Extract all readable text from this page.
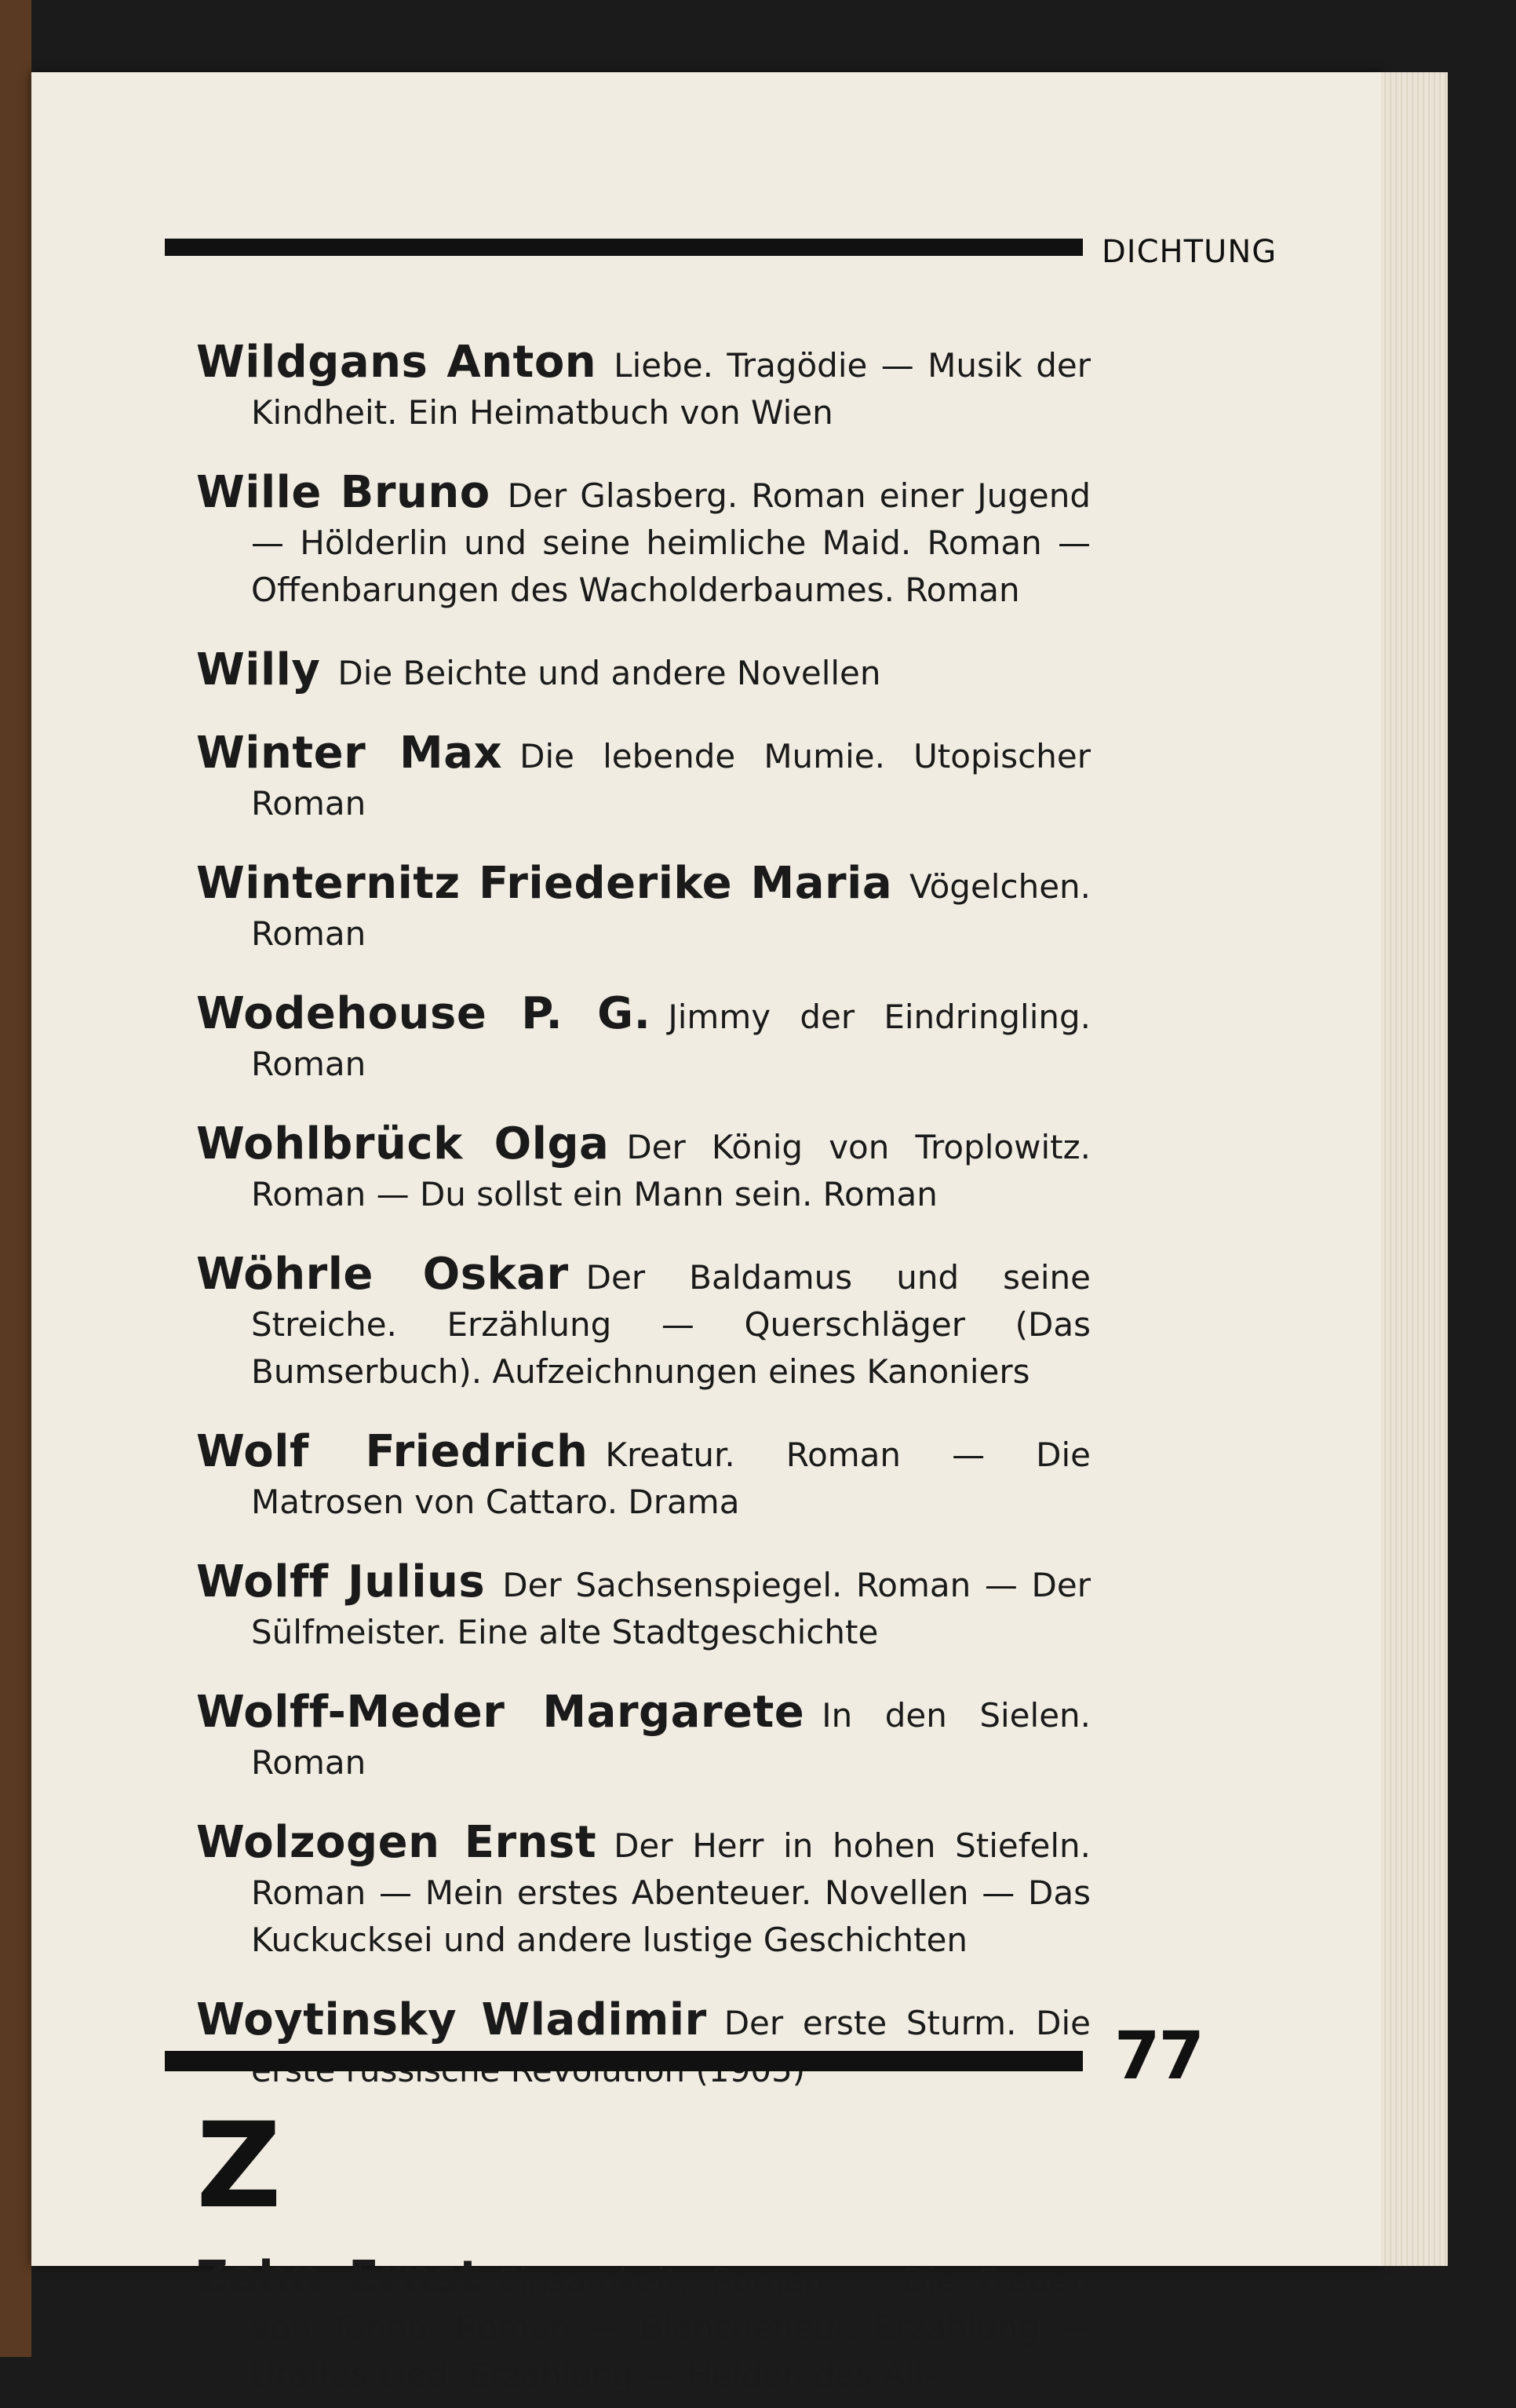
DICHTUNG

Wildgans Anton Liebe. Tragödie — Musik der Kindheit. Ein Heimatbuch von Wien

Wille Bruno Der Glasberg. Roman einer Jugend — Hölderlin und seine heimliche Maid. Roman — Offenbarungen des Wacholderbaumes. Roman

Willy Die Beichte und andere Novellen

Winter Max Die lebende Mumie. Utopischer Roman

Winternitz Friederike Maria Vögelchen. Roman

Wodehouse P. G. Jimmy der Eindringling. Roman

Wohlbrück Olga Der König von Troplowitz. Roman — Du sollst ein Mann sein. Roman

Wöhrle Oskar Der Baldamus und seine Streiche. Erzählung — Querschläger (Das Bumserbuch). Aufzeichnungen eines Kanoniers

Wolf Friedrich Kreatur. Roman — Die Matrosen von Cattaro. Drama

Wolff Julius Der Sachsenspiegel. Roman — Der Sülfmeister. Eine alte Stadtgeschichte

Wolff-Meder Margarete In den Sielen. Roman

Wolzogen Ernst Der Herr in hohen Stiefeln. Roman — Mein erstes Abenteuer. Novellen — Das Kuckucksei und andere lustige Geschichten

Woytinsky Wladimir Der erste Sturm. Die

Z

Zahn Ernst Einsamkeit. Roman — Die Frauen von Tanno. Roman — Blanchefleur. Erzählung — Uraltes Lied. Erzählung — Helden des All-

77
